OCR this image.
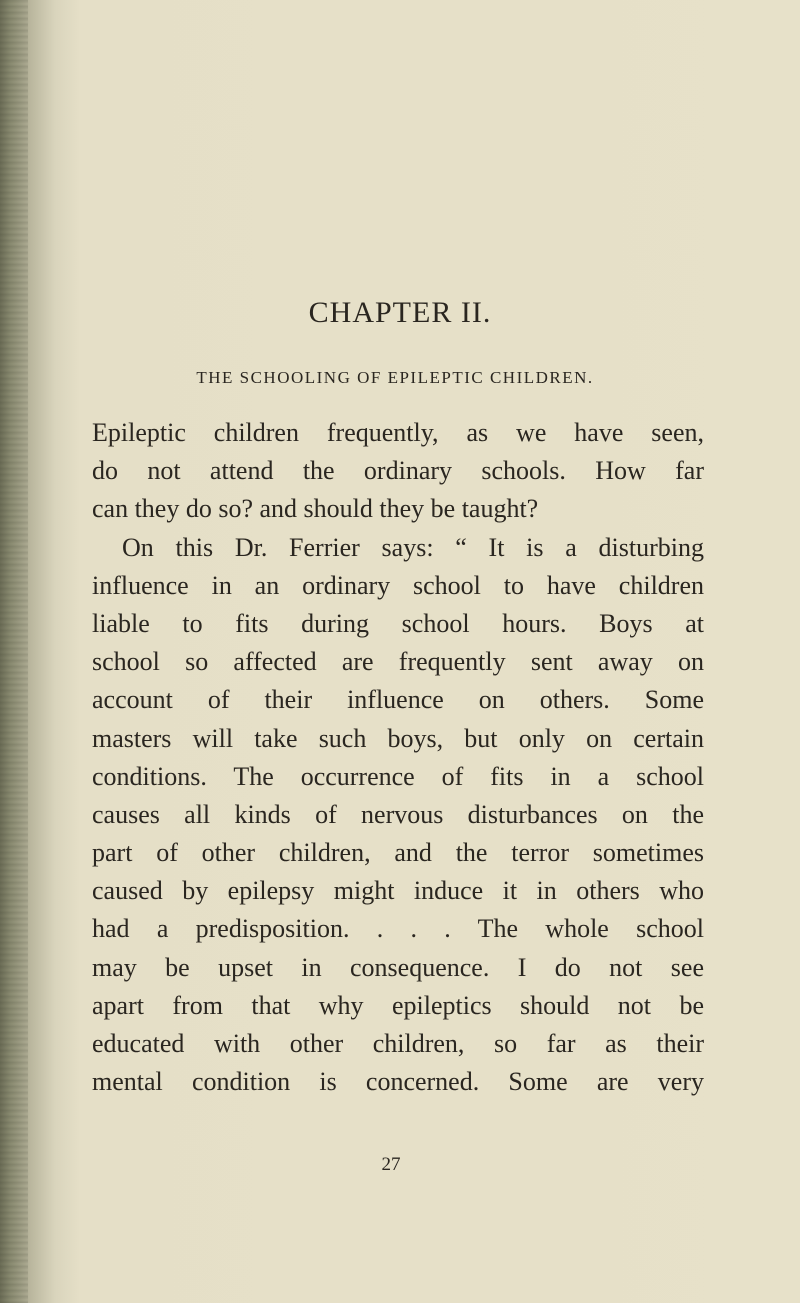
CHAPTER II.
THE SCHOOLING OF EPILEPTIC CHILDREN.
Epileptic children frequently, as we have seen,
do not attend the ordinary schools. How far
can they do so? and should they be taught?
On this Dr. Ferrier says: “ It is a disturbing
influence in an ordinary school to have children
liable to fits during school hours. Boys at
school so affected are frequently sent away on
account of their influence on others. Some
masters will take such boys, but only on certain
conditions. The occurrence of fits in a school
causes all kinds of nervous disturbances on the
part of other children, and the terror sometimes
caused by epilepsy might induce it in others who
had a predisposition. . . . The whole school
may be upset in consequence. I do not see
apart from that why epileptics should not be
educated with other children, so far as their
mental condition is concerned. Some are very
27
